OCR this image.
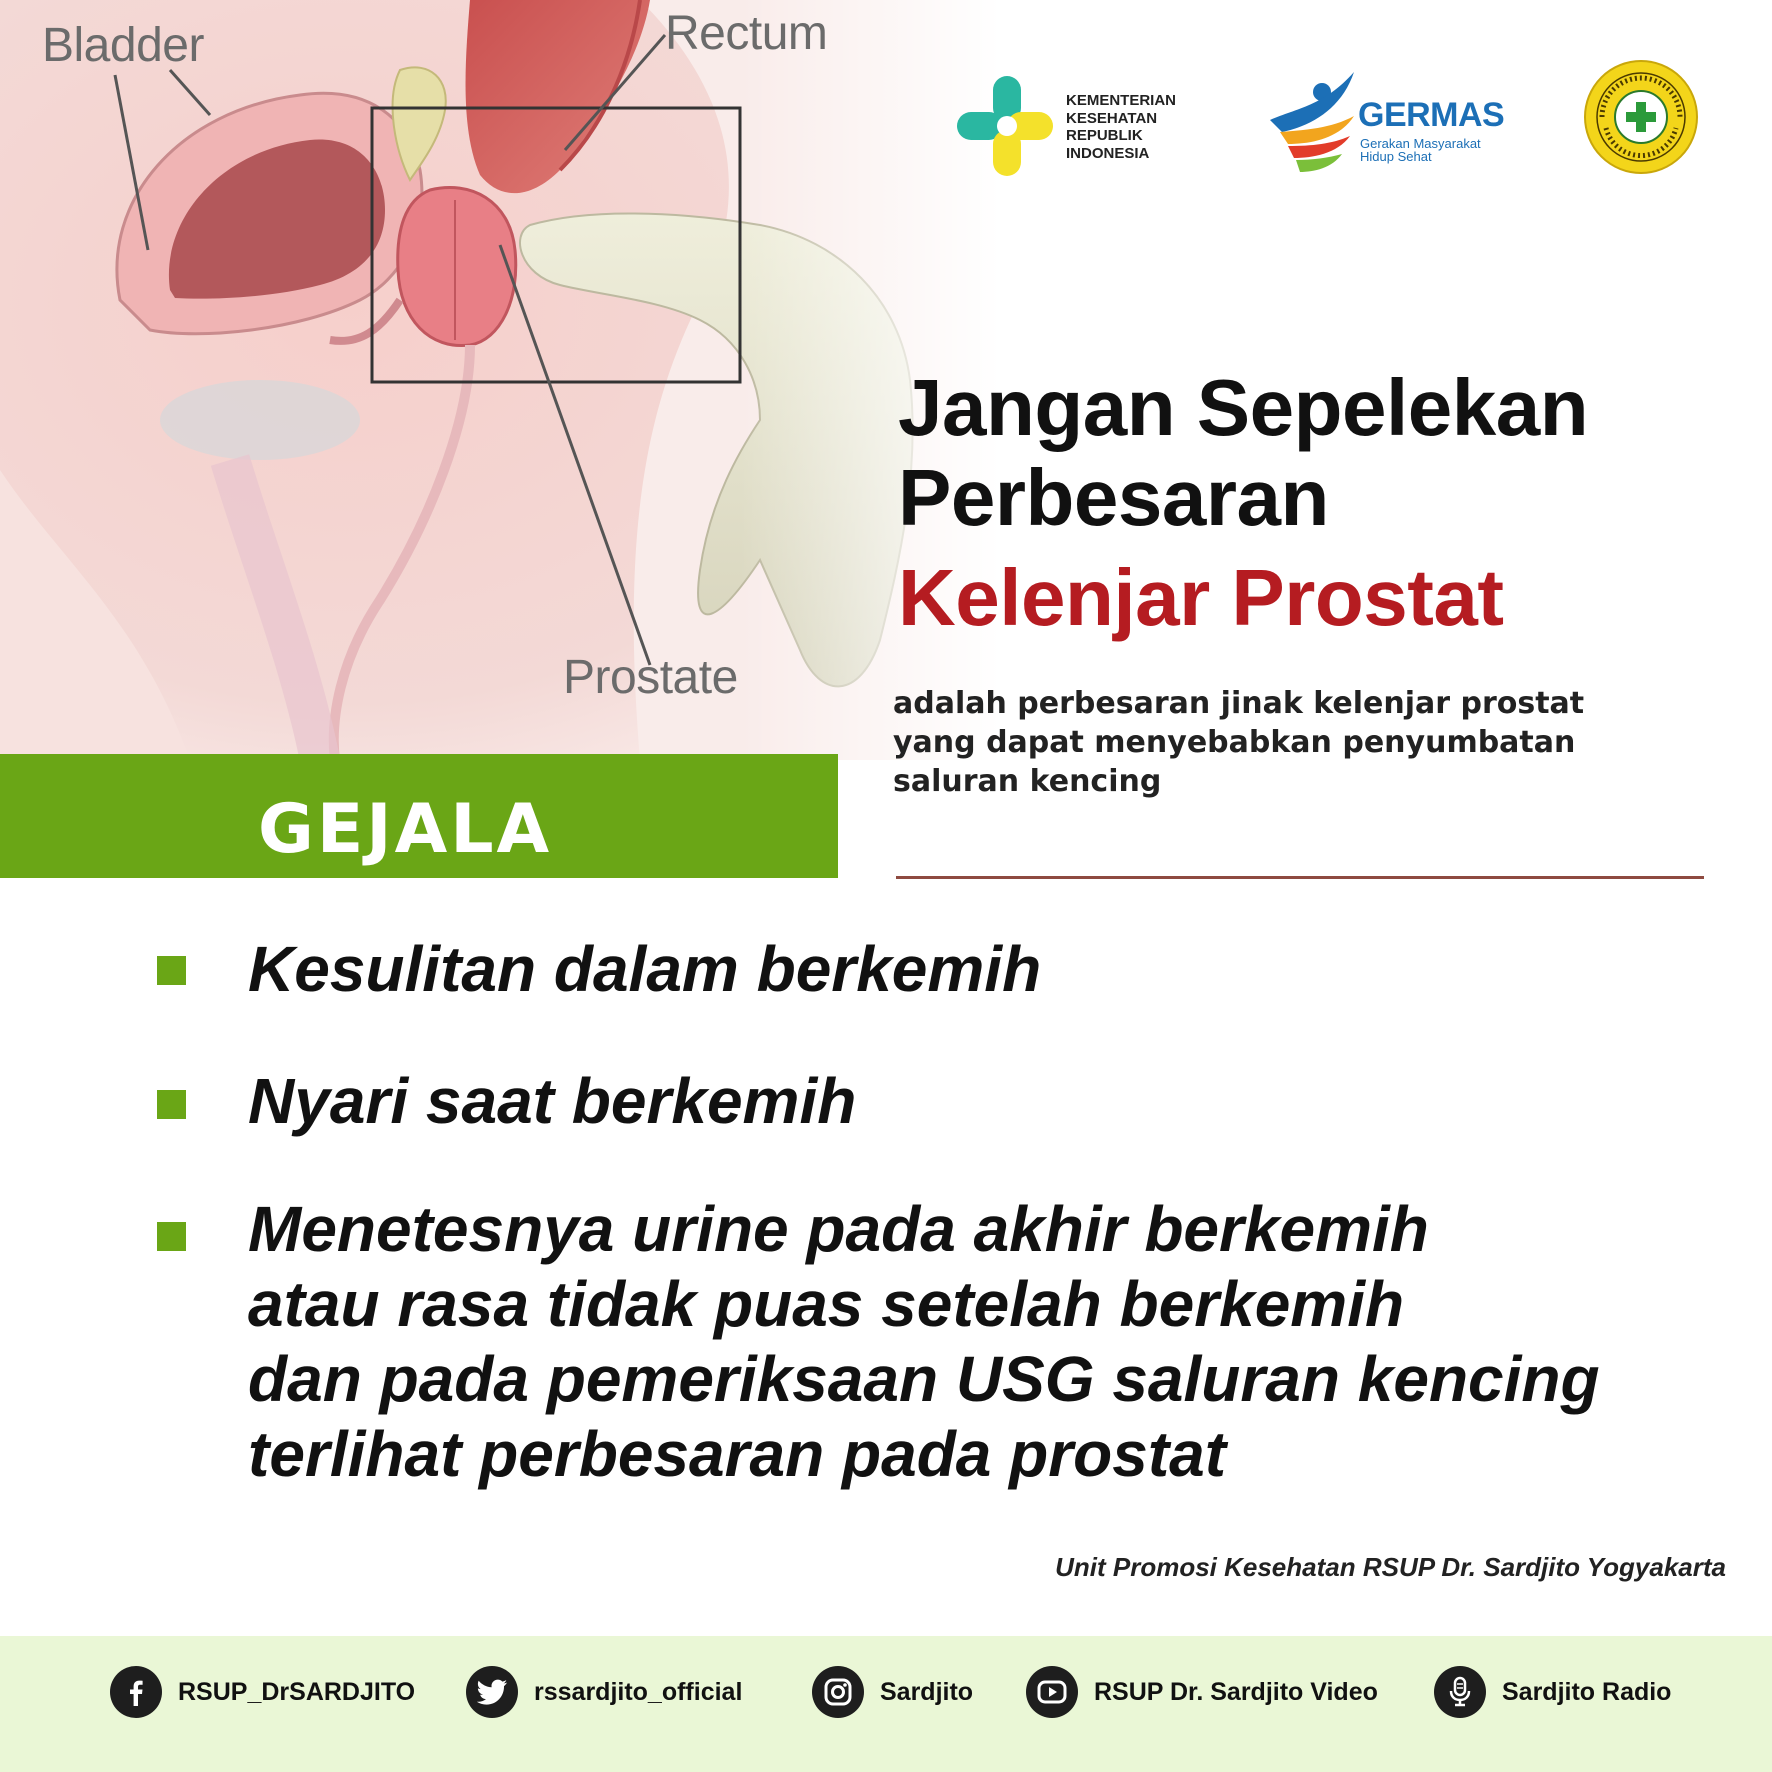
Bladder	Rectum
Prostate
KEMENTERIAN
KESEHATAN
REPUBLIK
INDONESIA
GERMAS
Gerakan Masyarakat
Hidup Sehat
Jangan Sepelekan
Perbesaran
Kelenjar Prostat
adalah perbesaran jinak kelenjar prostat
yang dapat menyebabkan penyumbatan
saluran kencing
GEJALA
Kesulitan dalam berkemih
Nyari saat berkemih
Menetesnya urine pada akhir berkemih
atau rasa tidak puas setelah berkemih
dan pada pemeriksaan USG saluran kencing
terlihat perbesaran pada prostat
Unit Promosi Kesehatan RSUP Dr. Sardjito Yogyakarta
RSUP_DrSARDJITO	rssardjito_official	Sardjito	RSUP Dr. Sardjito Video	Sardjito Radio
